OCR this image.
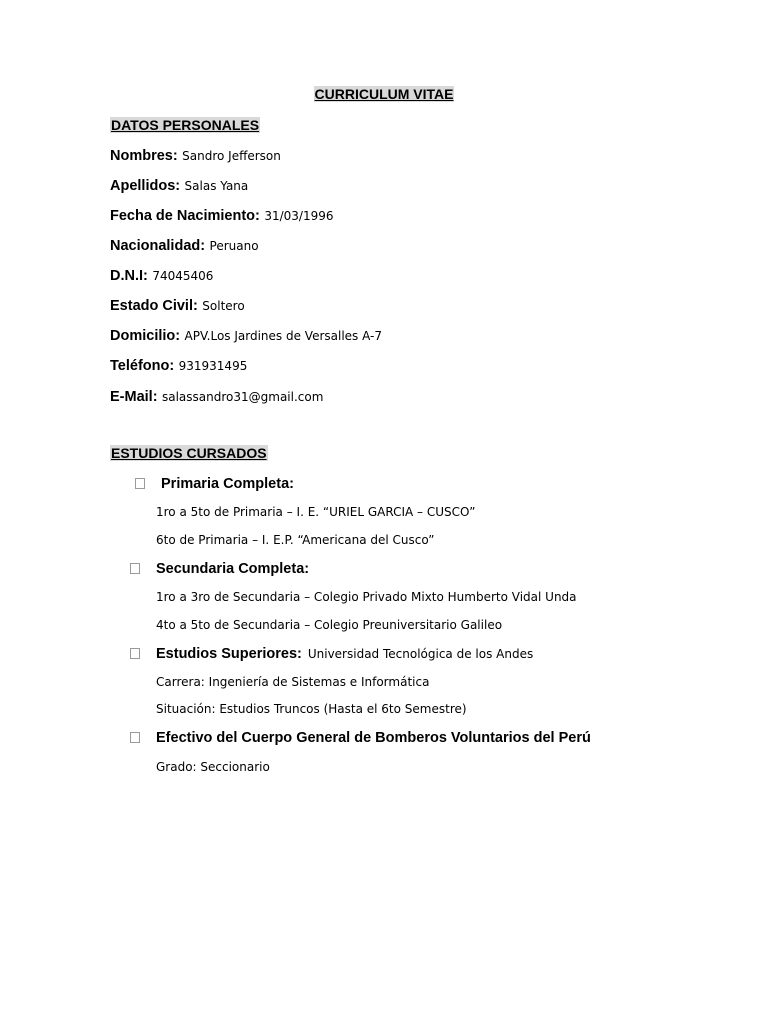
CURRICULUM VITAE
DATOS PERSONALES
Nombres: Sandro Jefferson
Apellidos: Salas Yana
Fecha de Nacimiento: 31/03/1996
Nacionalidad: Peruano
D.N.I: 74045406
Estado Civil: Soltero
Domicilio: APV.Los Jardines de Versalles A-7
Teléfono: 931931495
E-Mail: salassandro31@gmail.com
ESTUDIOS CURSADOS
Primaria Completa:
1ro a 5to de Primaria – I. E. “URIEL GARCIA – CUSCO”
6to de Primaria – I. E.P. “Americana del Cusco”
Secundaria Completa:
1ro a 3ro de Secundaria – Colegio Privado Mixto Humberto Vidal Unda
4to a 5to de Secundaria – Colegio Preuniversitario Galileo
Estudios Superiores: Universidad Tecnológica de los Andes
Carrera: Ingeniería de Sistemas e Informática
Situación: Estudios Truncos (Hasta el 6to Semestre)
Efectivo del Cuerpo General de Bomberos Voluntarios del Perú
Grado: Seccionario
